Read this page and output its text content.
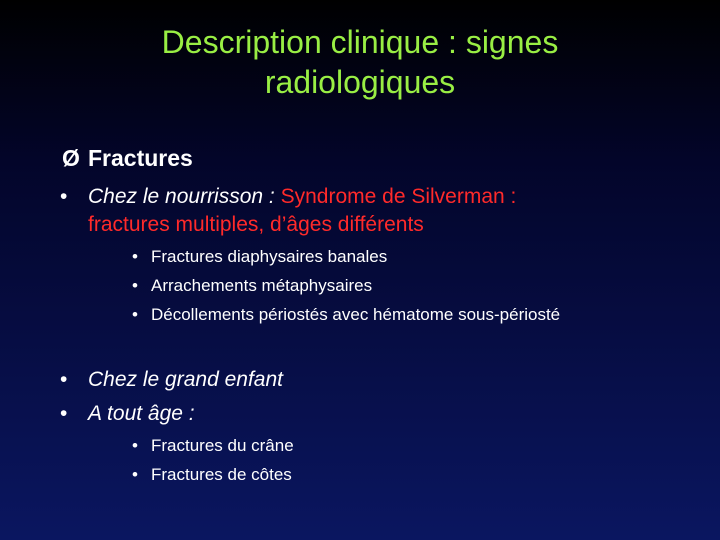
Description clinique : signes
radiologiques
Ø Fractures
• Chez le nourrisson : Syndrome de Silverman :
fractures multiples, d’âges différents
• Fractures diaphysaires banales
• Arrachements métaphysaires
• Décollements périostés avec hématome sous-périosté
• Chez le grand enfant
• A tout âge :
• Fractures du crâne
• Fractures de côtes
